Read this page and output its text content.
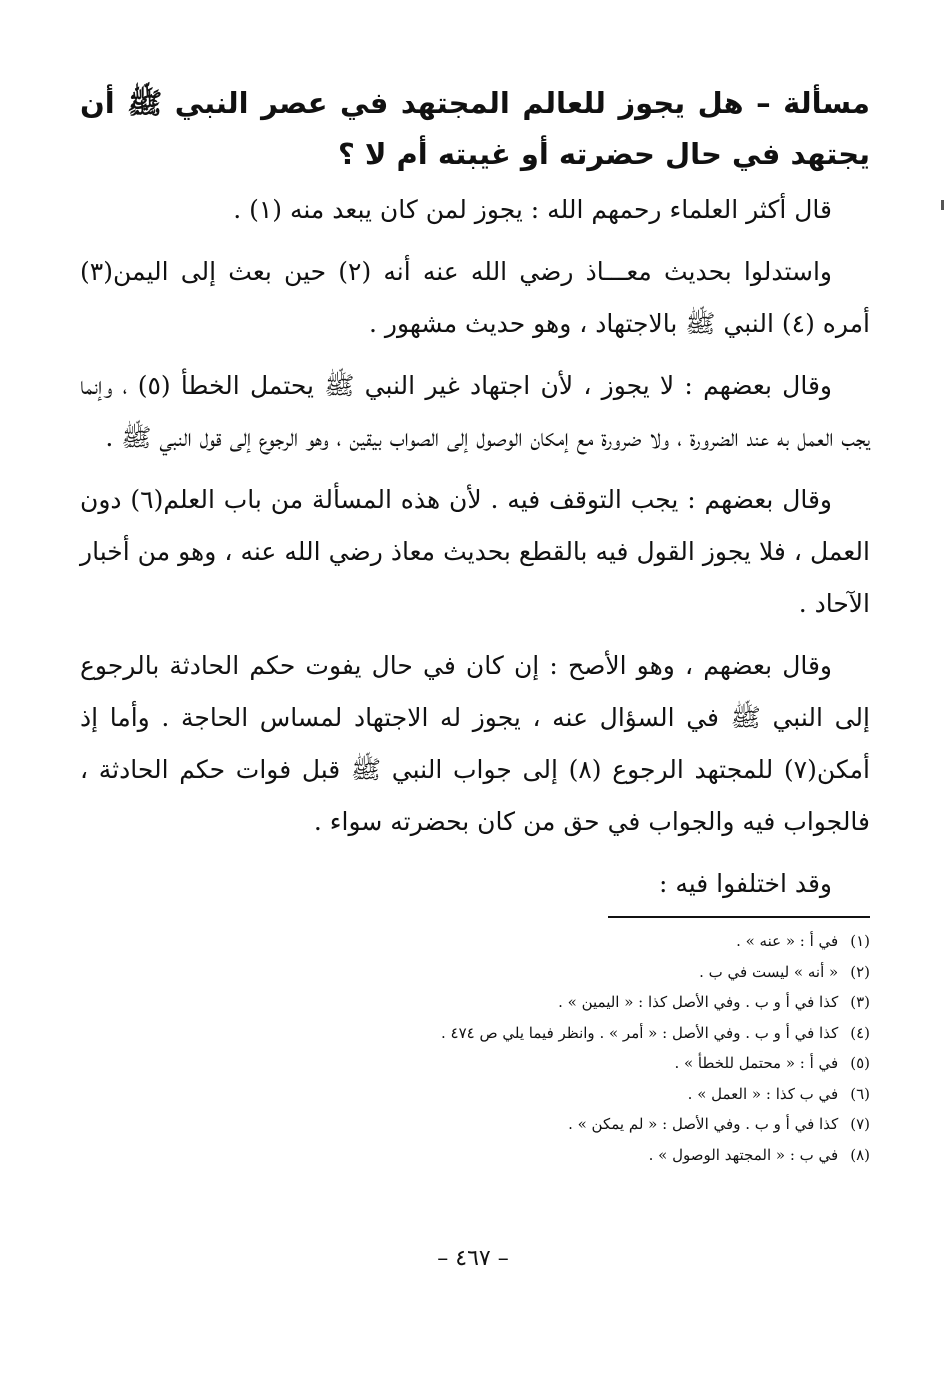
مسألة – هل يجوز للعالم المجتهد في عصر النبي ﷺ أن يجتهد في حال حضرته أو غيبته أم لا ؟

قال أكثر العلماء رحمهم الله : يجوز لمن كان يبعد منه (١) .

واستدلوا بحديث معـــاذ رضي الله عنه أنه (٢) حين بعث إلى اليمن(٣) أمره (٤) النبي ﷺ بالاجتهاد ، وهو حديث مشهور .

وقال بعضهم : لا يجوز ، لأن اجتهاد غير النبي ﷺ يحتمل الخطأ (٥) ، وإنما يجب العمل به عند الضرورة ، ولا ضرورة مع إمكان الوصول إلى الصواب بيقين ، وهو الرجوع إلى قول النبي ﷺ .

وقال بعضهم : يجب التوقف فيه . لأن هذه المسألة من باب العلم(٦) دون العمل ، فلا يجوز القول فيه بالقطع بحديث معاذ رضي الله عنه ، وهو من أخبار الآحاد .

وقال بعضهم ، وهو الأصح : إن كان في حال يفوت حكم الحادثة بالرجوع إلى النبي ﷺ في السؤال عنه ، يجوز له الاجتهاد لمساس الحاجة . وأما إذ أمكن(٧) للمجتهد الرجوع (٨) إلى جواب النبي ﷺ قبل فوات حكم الحادثة ، فالجواب فيه والجواب في حق من كان بحضرته سواء .

وقد اختلفوا فيه :

(١)في أ : « عنه » .
(٢)« أنه » ليست في ب .
(٣)كذا في أ و ب . وفي الأصل كذا : « اليمين » .
(٤)كذا في أ و ب . وفي الأصل : « أمر » . وانظر فيما يلي ص ٤٧٤ .
(٥)في أ : « محتمل للخطأ » .
(٦)في ب كذا : « العمل » .
(٧)كذا في أ و ب . وفي الأصل : « لم يمكن » .
(٨)في ب : « المجتهد الوصول » .
– ٤٦٧ –
